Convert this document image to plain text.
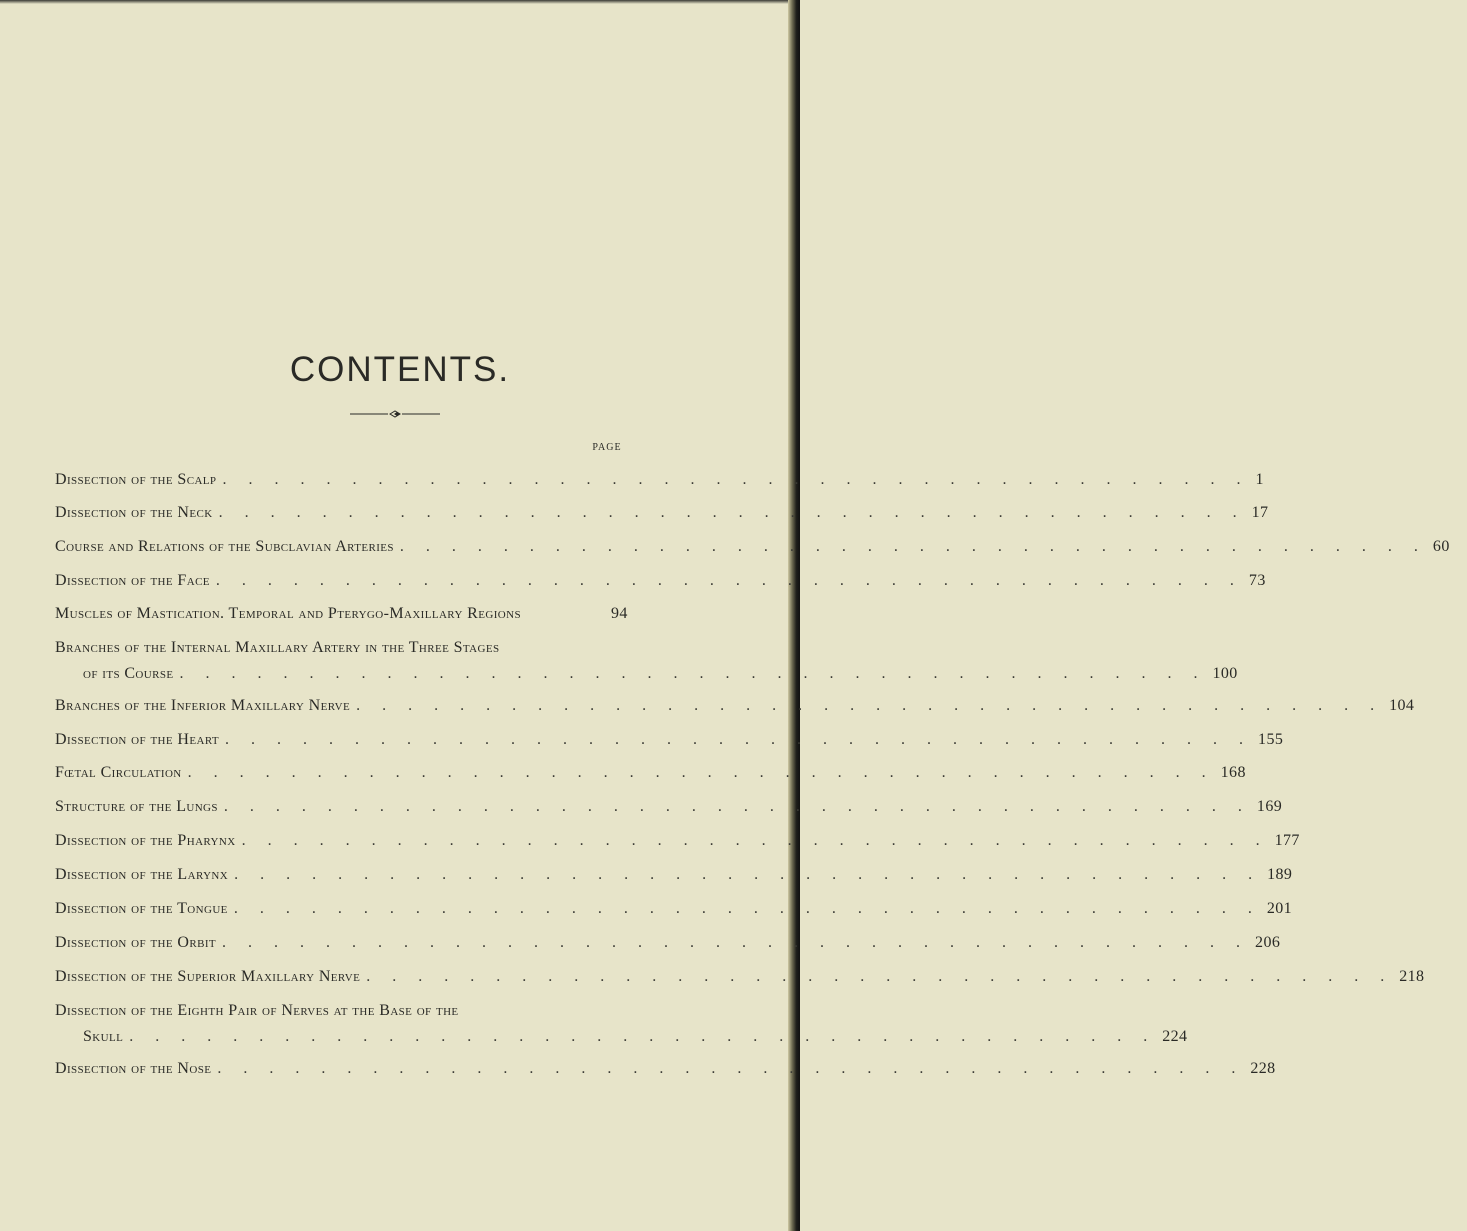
CONTENTS.
PAGE
Dissection of the Scalp . . . . . . . . . . . . . . . . . . . . . . . . . . . . . . . . . . . . . . . . 1
Dissection of the Neck . . . . . . . . . . . . . . . . . . . . . . . . . . . . . . . . . . . . . . . . 17
Course and Relations of the Subclavian Arteries . . . . . . . . . . . . . . . . . . . . . . . . . . . . . . . . . . . . . . . . 60
Dissection of the Face . . . . . . . . . . . . . . . . . . . . . . . . . . . . . . . . . . . . . . . . 73
Muscles of Mastication. Temporal and Pterygo-Maxillary Regions	94
Branches of the Internal Maxillary Artery in the Three Stages
of its Course . . . . . . . . . . . . . . . . . . . . . . . . . . . . . . . . . . . . . . . . 100
Branches of the Inferior Maxillary Nerve . . . . . . . . . . . . . . . . . . . . . . . . . . . . . . . . . . . . . . . . 104
Dissection of the Heart . . . . . . . . . . . . . . . . . . . . . . . . . . . . . . . . . . . . . . . . 155
Fœtal Circulation . . . . . . . . . . . . . . . . . . . . . . . . . . . . . . . . . . . . . . . . 168
Structure of the Lungs . . . . . . . . . . . . . . . . . . . . . . . . . . . . . . . . . . . . . . . . 169
Dissection of the Pharynx . . . . . . . . . . . . . . . . . . . . . . . . . . . . . . . . . . . . . . . . 177
Dissection of the Larynx . . . . . . . . . . . . . . . . . . . . . . . . . . . . . . . . . . . . . . . . 189
Dissection of the Tongue . . . . . . . . . . . . . . . . . . . . . . . . . . . . . . . . . . . . . . . . 201
Dissection of the Orbit . . . . . . . . . . . . . . . . . . . . . . . . . . . . . . . . . . . . . . . . 206
Dissection of the Superior Maxillary Nerve . . . . . . . . . . . . . . . . . . . . . . . . . . . . . . . . . . . . . . . . 218
Dissection of the Eighth Pair of Nerves at the Base of the
Skull . . . . . . . . . . . . . . . . . . . . . . . . . . . . . . . . . . . . . . . . 224
Dissection of the Nose . . . . . . . . . . . . . . . . . . . . . . . . . . . . . . . . . . . . . . . . 228
